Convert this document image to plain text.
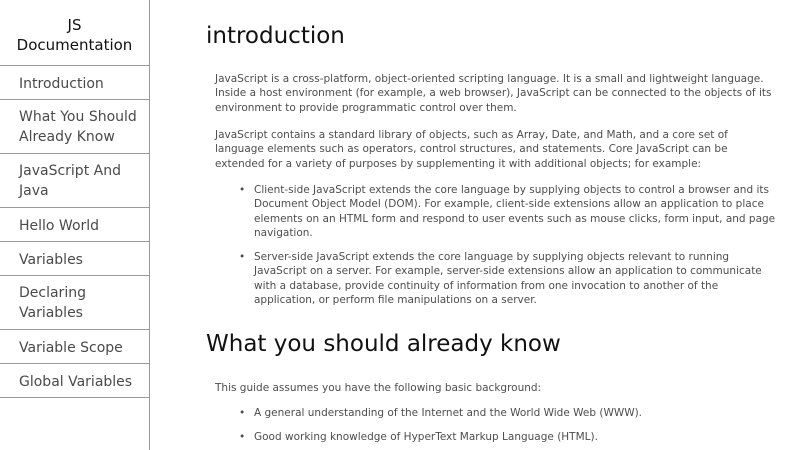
JS
Documentation
Introduction
What You Should
Already Know
JavaScript And
Java
Hello World
Variables
Declaring
Variables
Variable Scope
Global Variables
introduction

JavaScript is a cross-platform, object-oriented scripting language. It is a small and lightweight language. Inside a host environment (for example, a web browser), JavaScript can be connected to the objects of its environment to provide programmatic control over them.

JavaScript contains a standard library of objects, such as Array, Date, and Math, and a core set of language elements such as operators, control structures, and statements. Core JavaScript can be extended for a variety of purposes by supplementing it with additional objects; for example:

• Client-side JavaScript extends the core language by supplying objects to control a browser and its Document Object Model (DOM). For example, client-side extensions allow an application to place elements on an HTML form and respond to user events such as mouse clicks, form input, and page navigation.
• Server-side JavaScript extends the core language by supplying objects relevant to running JavaScript on a server. For example, server-side extensions allow an application to communicate with a database, provide continuity of information from one invocation to another of the application, or perform file manipulations on a server.
What you should already know

This guide assumes you have the following basic background:

• A general understanding of the Internet and the World Wide Web (WWW).
• Good working knowledge of HyperText Markup Language (HTML).
